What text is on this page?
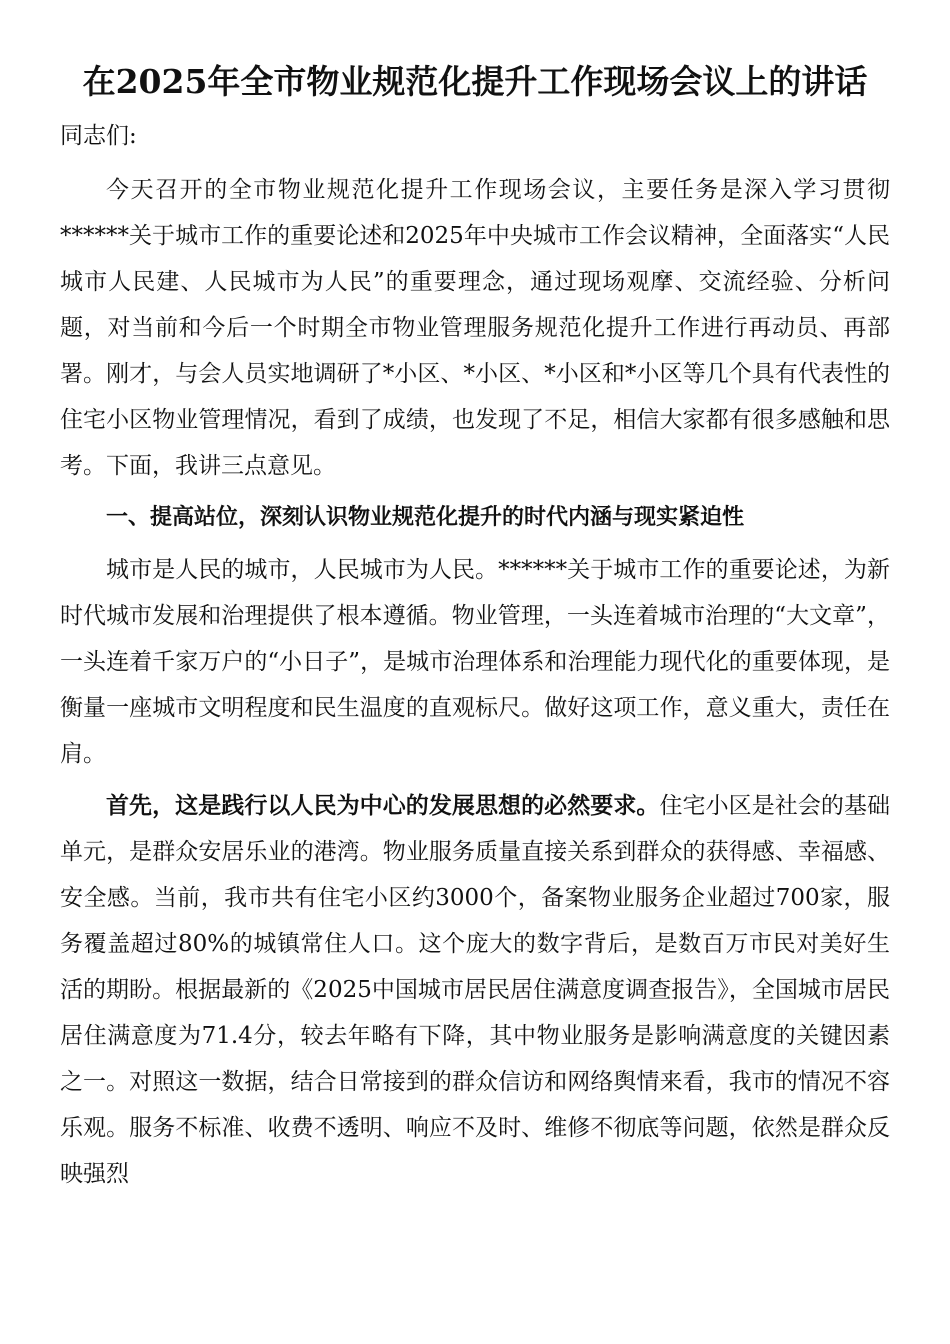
在2025年全市物业规范化提升工作现场会议上的讲话

同志们:

今天召开的全市物业规范化提升工作现场会议，主要任务是深入学习贯彻******关于城市工作的重要论述和2025年中央城市工作会议精神，全面落实“人民城市人民建、人民城市为人民”的重要理念，通过现场观摩、交流经验、分析问题，对当前和今后一个时期全市物业管理服务规范化提升工作进行再动员、再部署。刚才，与会人员实地调研了*小区、*小区、*小区和*小区等几个具有代表性的住宅小区物业管理情况，看到了成绩，也发现了不足，相信大家都有很多感触和思考。下面，我讲三点意见。

一、提高站位，深刻认识物业规范化提升的时代内涵与现实紧迫性

城市是人民的城市，人民城市为人民。******关于城市工作的重要论述，为新时代城市发展和治理提供了根本遵循。物业管理，一头连着城市治理的“大文章”，一头连着千家万户的“小日子”，是城市治理体系和治理能力现代化的重要体现，是衡量一座城市文明程度和民生温度的直观标尺。做好这项工作，意义重大，责任在肩。

首先，这是践行以人民为中心的发展思想的必然要求。住宅小区是社会的基础单元，是群众安居乐业的港湾。物业服务质量直接关系到群众的获得感、幸福感、安全感。当前，我市共有住宅小区约3000个，备案物业服务企业超过700家，服务覆盖超过80%的城镇常住人口。这个庞大的数字背后，是数百万市民对美好生活的期盼。根据最新的《2025中国城市居民居住满意度调查报告》，全国城市居民居住满意度为71.4分，较去年略有下降，其中物业服务是影响满意度的关键因素之一。对照这一数据，结合日常接到的群众信访和网络舆情来看，我市的情况不容乐观。服务不标准、收费不透明、响应不及时、维修不彻底等问题，依然是群众反映强烈
